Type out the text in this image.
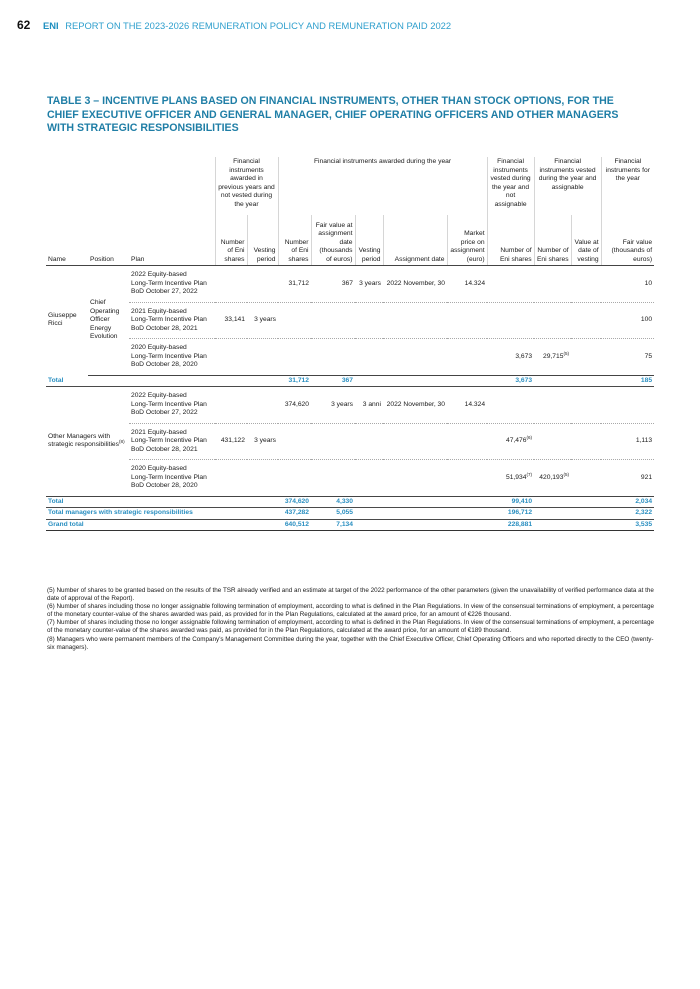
62 ENI REPORT ON THE 2023-2026 REMUNERATION POLICY AND REMUNERATION PAID 2022
TABLE 3 – INCENTIVE PLANS BASED ON FINANCIAL INSTRUMENTS, OTHER THAN STOCK OPTIONS, FOR THE CHIEF EXECUTIVE OFFICER AND GENERAL MANAGER, CHIEF OPERATING OFFICERS AND OTHER MANAGERS WITH STRATEGIC RESPONSIBILITIES
			Financial instruments awarded in previous years and not vested during the year		Financial instruments awarded during the year					Financial instruments vested during the year and not assignable	Financial instruments vested during the year and assignable		Financial instruments for the year
Name	Position	Plan	Number of Eni shares	Vesting period	Number of Eni shares	Fair value at assignment date (thousands of euros)	Vesting period	Assignment date	Market price on assignment (euro)	Number of Eni shares	Number of Eni shares	Value at date of vesting	Fair value (thousands of euros)
Giuseppe Ricci	Chief Operating Officer Energy Evolution	2022 Equity-based
Long-Term Incentive Plan
BoD October 27, 2022			31,712	367	3 years	2022 November, 30	14.324				10

		2021 Equity-based
Long-Term Incentive Plan
BoD October 28, 2021	33,141	3 years									100

		2020 Equity-based
Long-Term Incentive Plan
BoD October 28, 2020								3,673	29,715$^{(5)}$		75
Total					31,712	367				3,673			185
Other Managers with strategic responsibilities$^{(8)}$		2022 Equity-based
Long-Term Incentive Plan
BoD October 27, 2022			374,620	3 years	3 anni	2022 November, 30	14.324				

		2021 Equity-based
Long-Term Incentive Plan
BoD October 28, 2021	431,122	3 years						47,476$^{(6)}$			1,113

		2020 Equity-based
Long-Term Incentive Plan
BoD October 28, 2020								51,934$^{(7)}$	420,193$^{(5)}$		921
Total					374,620	4,330				99,410			2,034
Total managers with strategic responsibilities					437,282	5,055				196,712			2,322
Grand total					640,512	7,134				228,881			3,535

(5) Number of shares to be granted based on the results of the TSR already verified and an estimate at target of the 2022 performance of the other parameters (given the unavailability of verified performance data at the date of approval of the Report).

(6) Number of shares including those no longer assignable following termination of employment, according to what is defined in the Plan Regulations. In view of the consensual terminations of employment, a percentage of the monetary counter-value of the shares awarded was paid, as provided for in the Plan Regulations, calculated at the award price, for an amount of €226 thousand.

(7) Number of shares including those no longer assignable following termination of employment, according to what is defined in the Plan Regulations. In view of the consensual terminations of employment, a percentage of the monetary counter-value of the shares awarded was paid, as provided for in the Plan Regulations, calculated at the award price, for an amount of €189 thousand.

(8) Managers who were permanent members of the Company's Management Committee during the year, together with the Chief Executive Officer, Chief Operating Officers and who reported directly to the CEO (twenty-six managers).
